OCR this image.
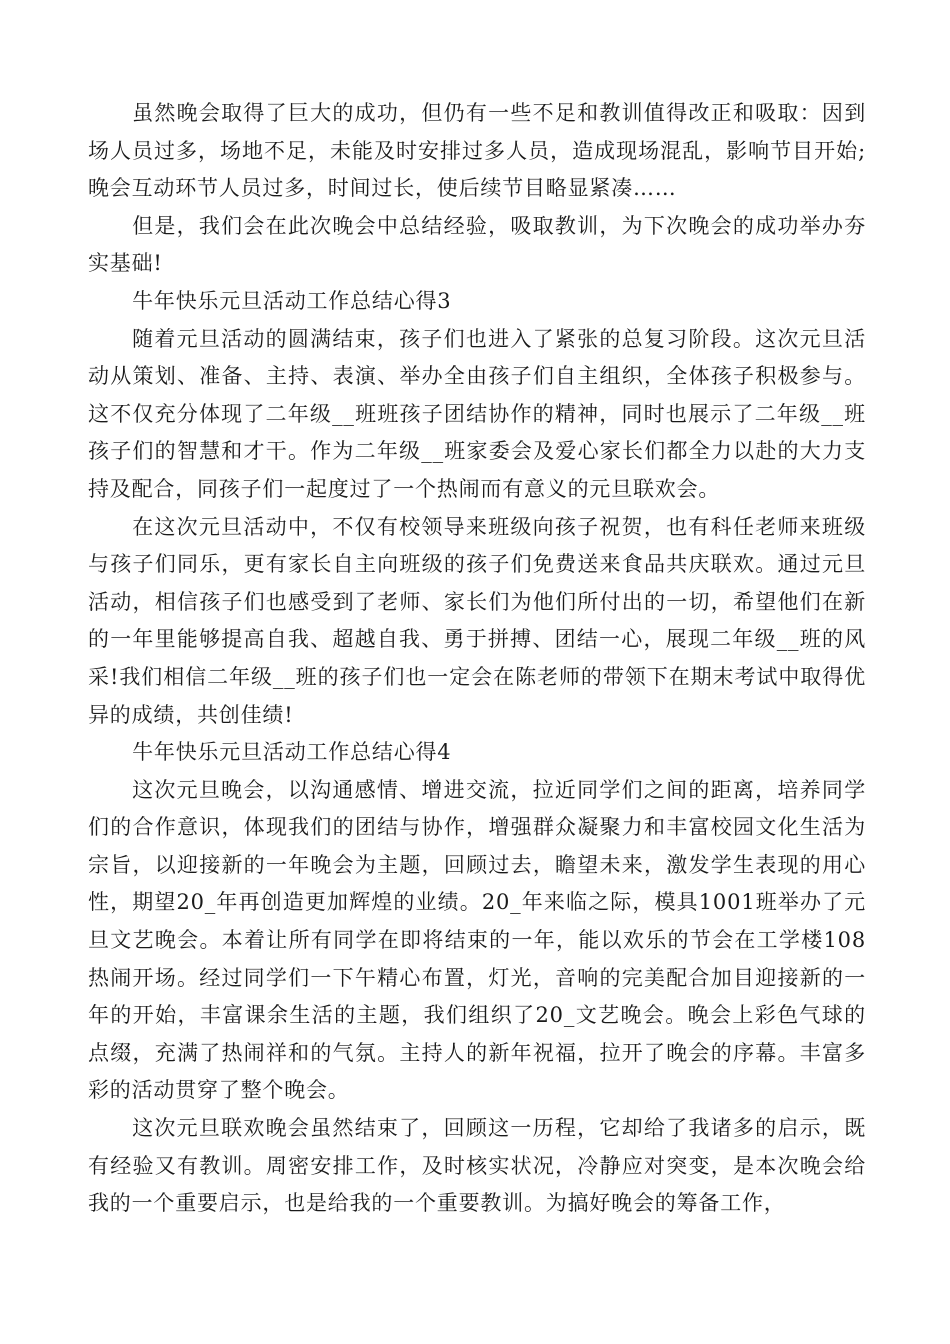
虽然晚会取得了巨大的成功，但仍有一些不足和教训值得改正和吸取：因到场人员过多，场地不足，未能及时安排过多人员，造成现场混乱，影响节目开始;晚会互动环节人员过多，时间过长，使后续节目略显紧凑……

但是，我们会在此次晚会中总结经验，吸取教训，为下次晚会的成功举办夯实基础!

牛年快乐元旦活动工作总结心得3

随着元旦活动的圆满结束，孩子们也进入了紧张的总复习阶段。这次元旦活动从策划、准备、主持、表演、举办全由孩子们自主组织，全体孩子积极参与。这不仅充分体现了二年级__班班孩子团结协作的精神，同时也展示了二年级__班孩子们的智慧和才干。作为二年级__班家委会及爱心家长们都全力以赴的大力支持及配合，同孩子们一起度过了一个热闹而有意义的元旦联欢会。

在这次元旦活动中，不仅有校领导来班级向孩子祝贺，也有科任老师来班级与孩子们同乐，更有家长自主向班级的孩子们免费送来食品共庆联欢。通过元旦活动，相信孩子们也感受到了老师、家长们为他们所付出的一切，希望他们在新的一年里能够提高自我、超越自我、勇于拼搏、团结一心，展现二年级__班的风采!我们相信二年级__班的孩子们也一定会在陈老师的带领下在期末考试中取得优异的成绩，共创佳绩!

牛年快乐元旦活动工作总结心得4

这次元旦晚会，以沟通感情、增进交流，拉近同学们之间的距离，培养同学们的合作意识，体现我们的团结与协作，增强群众凝聚力和丰富校园文化生活为宗旨，以迎接新的一年晚会为主题，回顾过去，瞻望未来，激发学生表现的用心性，期望20_年再创造更加辉煌的业绩。20_年来临之际，模具1001班举办了元旦文艺晚会。本着让所有同学在即将结束的一年，能以欢乐的节会在工学楼108热闹开场。经过同学们一下午精心布置，灯光，音响的完美配合加目迎接新的一年的开始，丰富课余生活的主题，我们组织了20_文艺晚会。晚会上彩色气球的点缀，充满了热闹祥和的气氛。主持人的新年祝福，拉开了晚会的序幕。丰富多彩的活动贯穿了整个晚会。

这次元旦联欢晚会虽然结束了，回顾这一历程，它却给了我诸多的启示，既有经验又有教训。周密安排工作，及时核实状况，冷静应对突变，是本次晚会给我的一个重要启示，也是给我的一个重要教训。为搞好晚会的筹备工作，
